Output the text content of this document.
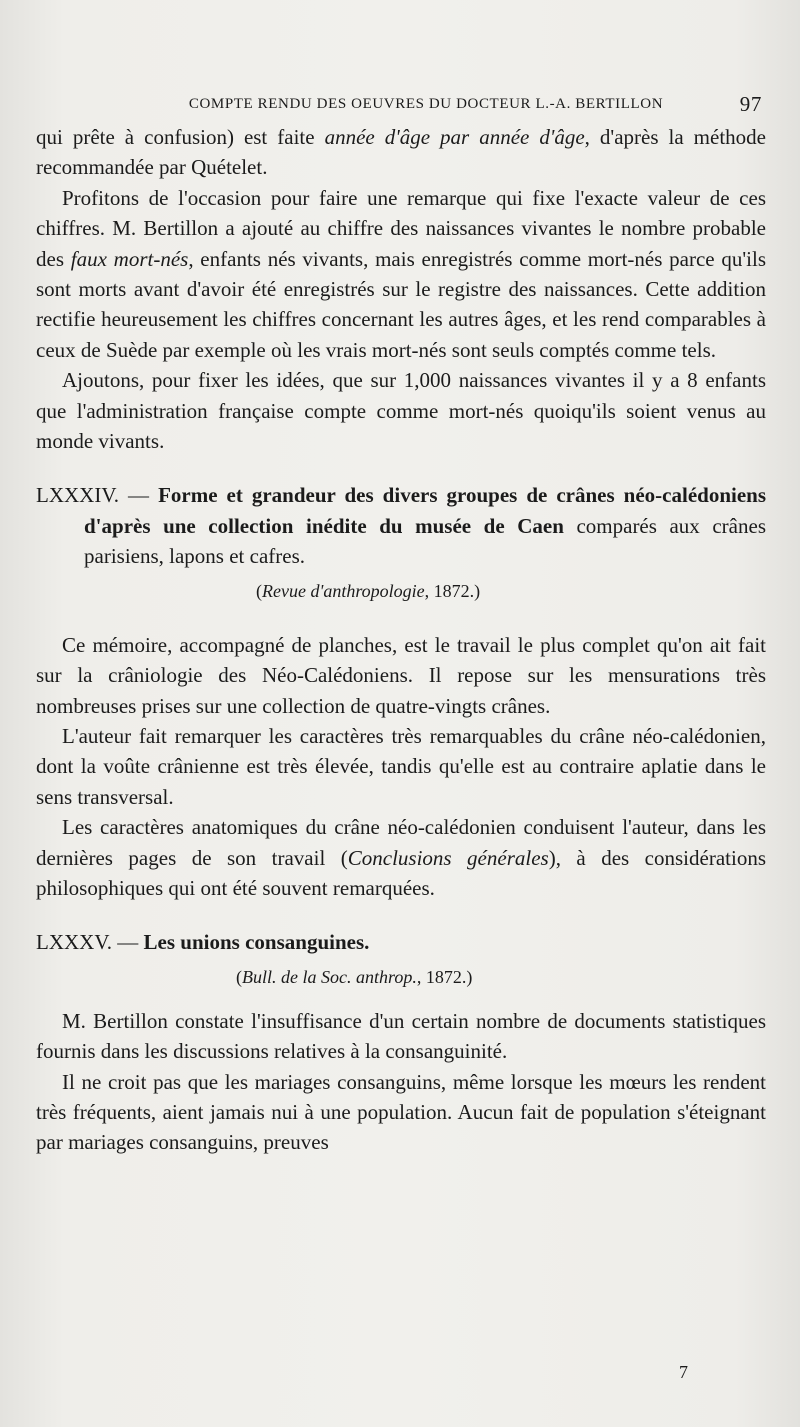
COMPTE RENDU DES OEUVRES DU DOCTEUR L.-A. BERTILLON	97

qui prête à confusion) est faite année d'âge par année d'âge, d'après la méthode recommandée par Quételet.

Profitons de l'occasion pour faire une remarque qui fixe l'exacte valeur de ces chiffres. M. Bertillon a ajouté au chiffre des naissances vivantes le nombre probable des faux mort-nés, enfants nés vivants, mais enregistrés comme mort-nés parce qu'ils sont morts avant d'avoir été enregistrés sur le registre des naissances. Cette addition rectifie heureusement les chiffres concernant les autres âges, et les rend comparables à ceux de Suède par exemple où les vrais mort-nés sont seuls comptés comme tels.

Ajoutons, pour fixer les idées, que sur 1,000 naissances vivantes il y a 8 enfants que l'administration française compte comme mort-nés quoiqu'ils soient venus au monde vivants.

LXXXIV. — Forme et grandeur des divers groupes de crânes néo-calédoniens d'après une collection inédite du musée de Caen comparés aux crânes parisiens, lapons et cafres.

(Revue d'anthropologie, 1872.)

Ce mémoire, accompagné de planches, est le travail le plus complet qu'on ait fait sur la crâniologie des Néo-Calédoniens. Il repose sur les mensurations très nombreuses prises sur une collection de quatre-vingts crânes.

L'auteur fait remarquer les caractères très remarquables du crâne néo-calédonien, dont la voûte crânienne est très élevée, tandis qu'elle est au contraire aplatie dans le sens transversal.

Les caractères anatomiques du crâne néo-calédonien conduisent l'auteur, dans les dernières pages de son travail (Conclusions générales), à des considérations philosophiques qui ont été souvent remarquées.

LXXXV. — Les unions consanguines.

(Bull. de la Soc. anthrop., 1872.)

M. Bertillon constate l'insuffisance d'un certain nombre de documents statistiques fournis dans les discussions relatives à la consanguinité.

Il ne croit pas que les mariages consanguins, même lorsque les mœurs les rendent très fréquents, aient jamais nui à une population. Aucun fait de population s'éteignant par mariages consanguins, preuves

7
